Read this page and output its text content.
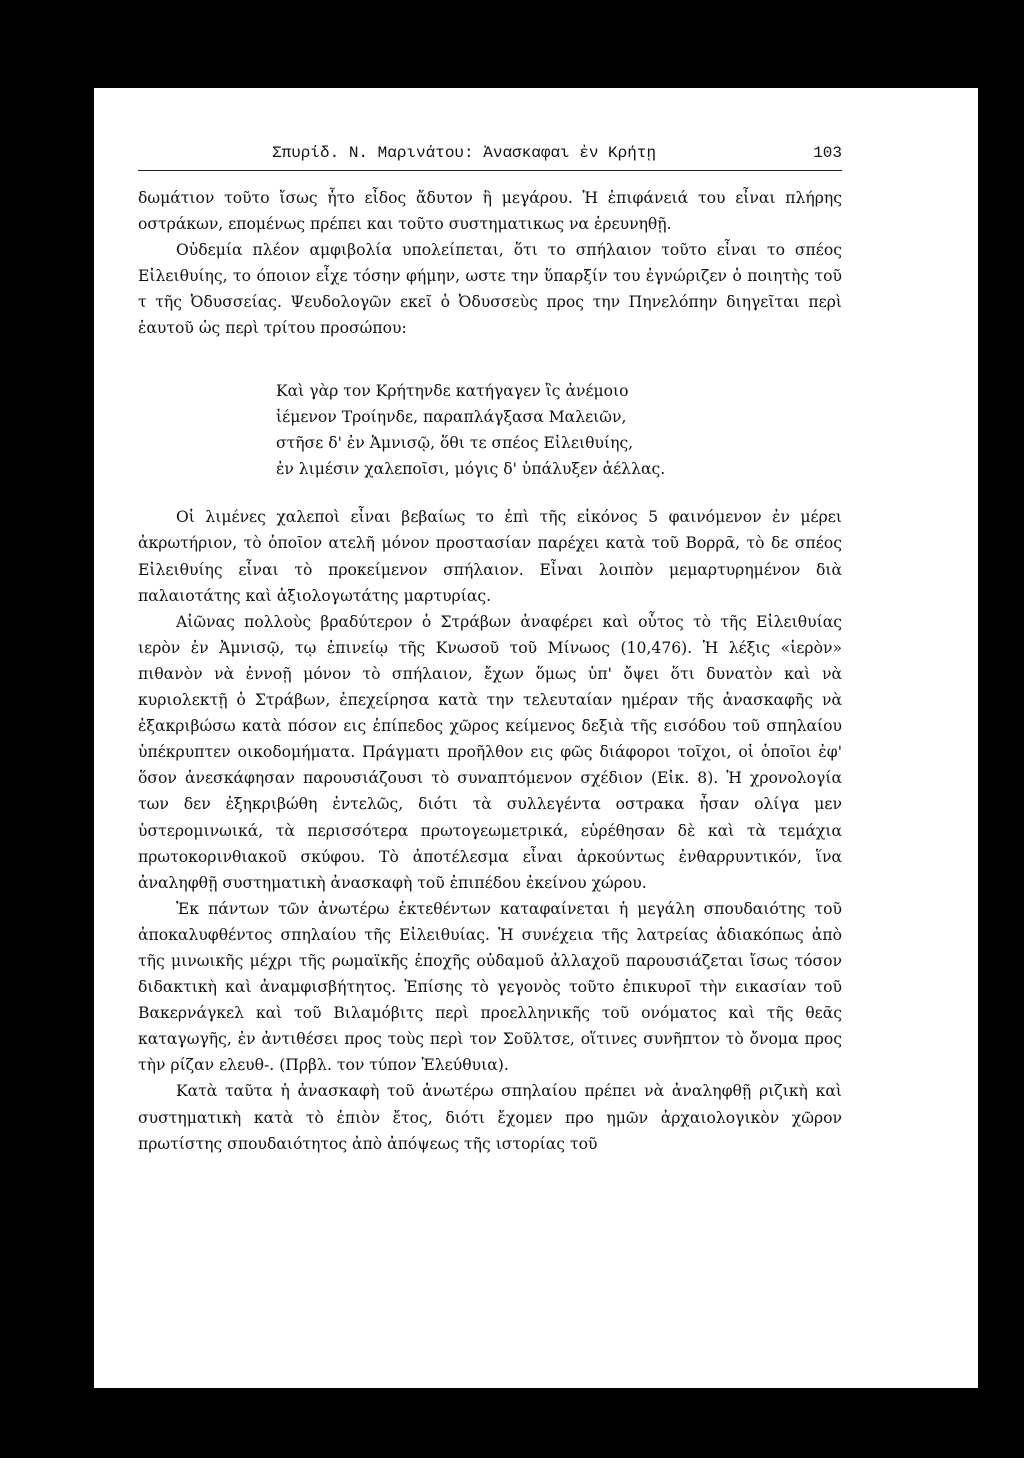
Σπυρίδ. Ν. Μαρινάτου: Ἀνασκαφαι ἐν Κρήτῃ	103

δωμάτιον τοῦτο ἴσως ἦτο εἶδος ἄδυτον ἢ μεγάρου. Ἡ ἐπιφάνειά του εἶναι πλήρης οστράκων, επομένως πρέπει και τοῦτο συστηματικως να ἐρευνηθῇ.

Οὐδεμία πλέον αμφιβολία υπολείπεται, ὅτι το σπήλαιον τοῦτο εἶναι το σπέος Εἰλειθυίης, το όποιον εἶχε τόσην φήμην, ωστε την ὕπαρξίν του ἐγνώριζεν ὁ ποιητὴς τοῦ τ τῆς Ὀδυσσείας. Ψευδολογῶν εκεῖ ὁ Ὀδυσσεὺς προς την Πηνελόπην διηγεῖται περὶ ἑαυτοῦ ὡς περὶ τρίτου προσώπου:

Καὶ γὰρ τον Κρήτηνδε κατήγαγεν ἲς ἀνέμοιο
ἱέμενον Τροίηνδε, παραπλάγξασα Μαλειῶν,
στῆσε δ' ἐν Ἀμνισῷ, ὅθι τε σπέος Εἰλειθυίης,
ἐν λιμέσιν χαλεποῖσι, μόγις δ' ὑπάλυξεν ἀέλλας.

Οἱ λιμένες χαλεποὶ εἶναι βεβαίως το ἐπὶ τῆς εἰκόνος 5 φαινόμενον ἐν μέρει ἀκρωτήριον, τὸ ὁποῖον ατελῆ μόνον προστασίαν παρέχει κατὰ τοῦ Βορρᾶ, τὸ δε σπέος Εἰλειθυίης εἶναι τὸ προκείμενον σπήλαιον. Εἶναι λοιπὸν μεμαρτυρημένον διὰ παλαιοτάτης καὶ ἀξιολογωτάτης μαρτυρίας.

Αἰῶνας πολλοὺς βραδύτερον ὁ Στράβων ἀναφέρει καὶ οὗτος τὸ τῆς Εἰλειθυίας ιερὸν ἐν Ἀμνισῷ, τῳ ἐπινείῳ τῆς Κνωσοῦ τοῦ Μίνωος (10,476). Ἡ λέξις «ἱερὸν» πιθανὸν νὰ ἐννοῇ μόνον τὸ σπήλαιον, ἔχων ὅμως ὑπ' ὄψει ὅτι δυνατὸν καὶ νὰ κυριολεκτῇ ὁ Στράβων, ἐπεχείρησα κατὰ την τελευταίαν ημέραν τῆς ἀνασκαφῆς νὰ ἐξακριβώσω κατὰ πόσον εις ἐπίπεδος χῶρος κείμενος δεξιὰ τῆς εισόδου τοῦ σπηλαίου ὑπέκρυπτεν οικοδομήματα. Πράγματι προῆλθον εις φῶς διάφοροι τοῖχοι, οἱ ὁποῖοι ἐφ' ὅσον ἀνεσκάφησαν παρουσιάζουσι τὸ συναπτόμενον σχέδιον (Εἰκ. 8). Ἡ χρονολογία των δεν ἐξηκριβώθη ἐντελῶς, διότι τὰ συλλεγέντα οστρακα ἦσαν ολίγα μεν ὑστερομινωικά, τὰ περισσότερα πρωτογεωμετρικά, εὑρέθησαν δὲ καὶ τὰ τεμάχια πρωτοκορινθιακοῦ σκύφου. Τὸ ἀποτέλεσμα εἶναι ἀρκούντως ἐνθαρρυντικόν, ἵνα ἀναληφθῇ συστηματικὴ ἀνασκαφὴ τοῦ ἐπιπέδου ἐκείνου χώρου.

Ἐκ πάντων τῶν ἀνωτέρω ἐκτεθέντων καταφαίνεται ἡ μεγάλη σπουδαιότης τοῦ ἀποκαλυφθέντος σπηλαίου τῆς Εἰλειθυίας. Ἡ συνέχεια τῆς λατρείας ἀδιακόπως ἀπὸ τῆς μινωικῆς μέχρι τῆς ρωμαϊκῆς ἐποχῆς οὐδαμοῦ ἀλλαχοῦ παρουσιάζεται ἴσως τόσον διδακτικὴ καὶ ἀναμφισβήτητος. Ἐπίσης τὸ γεγονὸς τοῦτο ἐπικυροῖ τὴν εικασίαν τοῦ Βακερνάγκελ καὶ τοῦ Βιλαμόβιτς περὶ προελληνικῆς τοῦ ονόματος καὶ τῆς θεᾶς καταγωγῆς, ἐν ἀντιθέσει προς τοὺς περὶ τον Σοῦλτσε, οἵτινες συνῆπτον τὸ ὄνομα προς τὴν ρίζαν ελευθ-. (Πρβλ. τον τύπον Ἐλεύθυια).

Κατὰ ταῦτα ἡ ἀνασκαφὴ τοῦ ἀνωτέρω σπηλαίου πρέπει νὰ ἀναληφθῇ ριζικὴ καὶ συστηματικὴ κατὰ τὸ ἐπιὸν ἔτος, διότι ἔχομεν προ ημῶν ἀρχαιολογικὸν χῶρον πρωτίστης σπουδαιότητος ἀπὸ ἀπόψεως τῆς ιστορίας τοῦ
